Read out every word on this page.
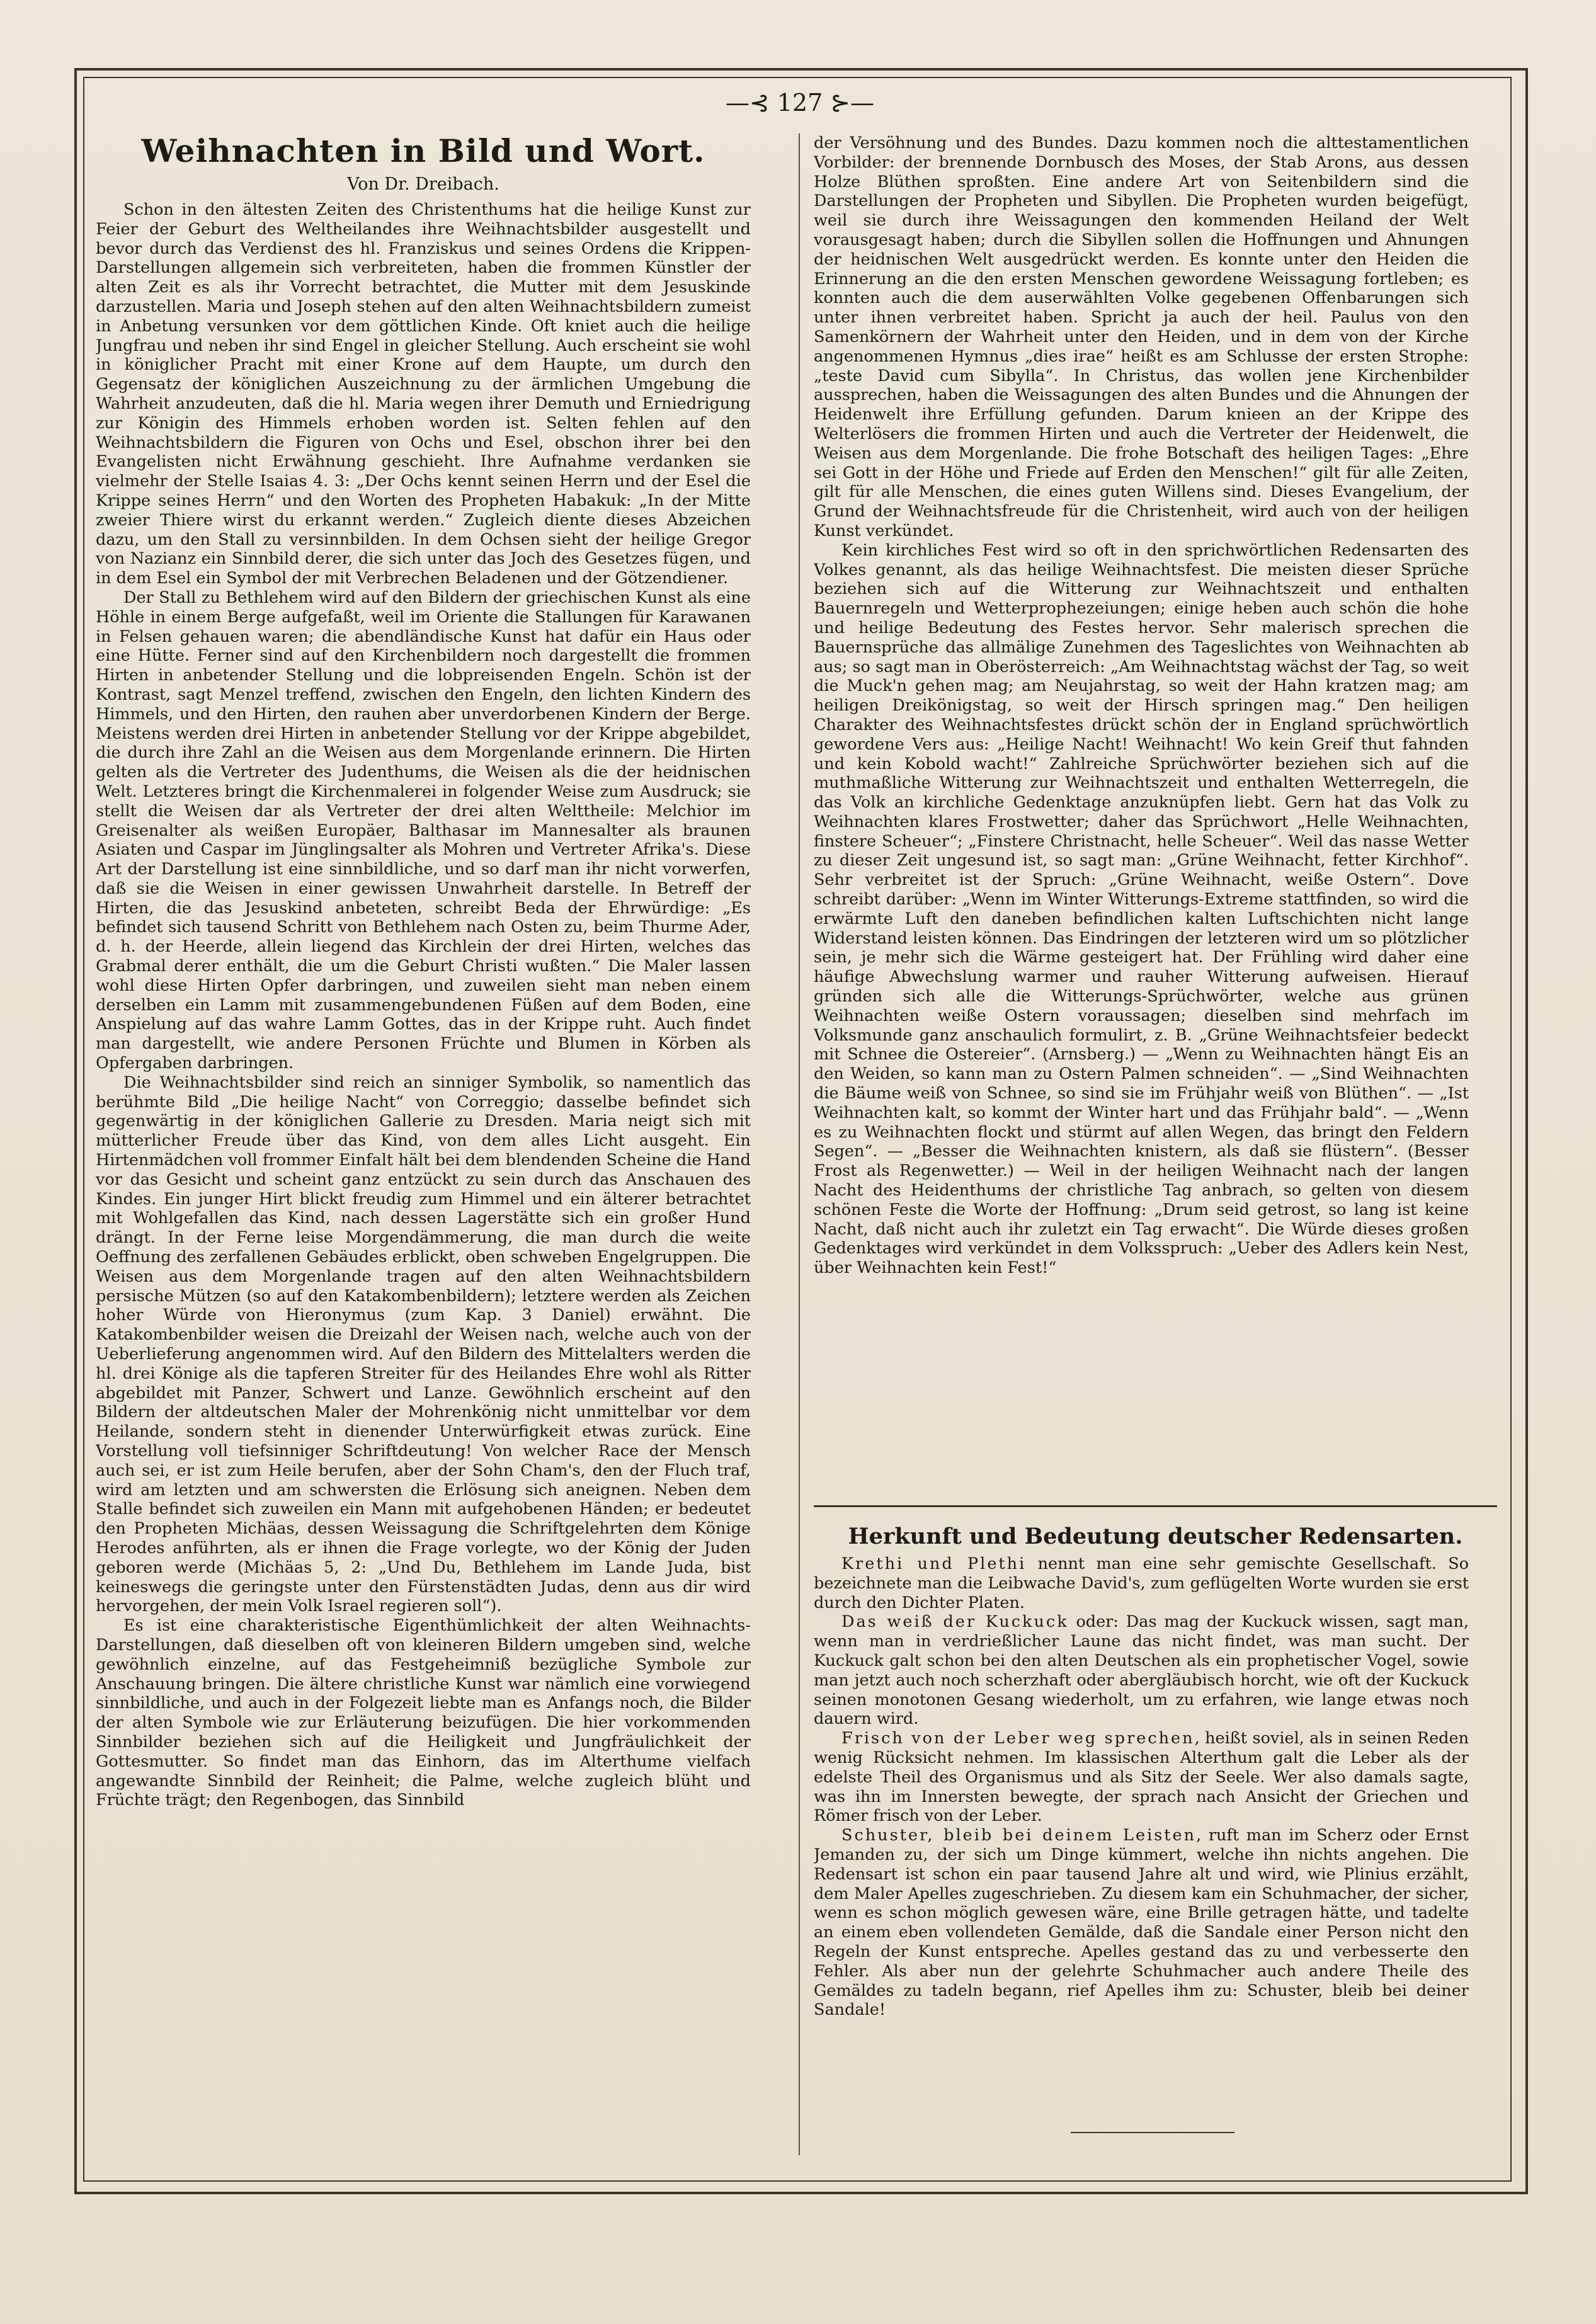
—⊰ 127 ⊱—
Weihnachten in Bild und Wort.
Von Dr. Dreibach.

Schon in den ältesten Zeiten des Christenthums hat die heilige Kunst zur Feier der Geburt des Weltheilandes ihre Weihnachtsbilder ausgestellt und bevor durch das Verdienst des hl. Franziskus und seines Ordens die Krippen-Darstellungen allgemein sich verbreiteten, haben die frommen Künstler der alten Zeit es als ihr Vorrecht betrachtet, die Mutter mit dem Jesuskinde darzustellen. Maria und Joseph stehen auf den alten Weihnachtsbildern zumeist in Anbetung versunken vor dem göttlichen Kinde. Oft kniet auch die heilige Jungfrau und neben ihr sind Engel in gleicher Stellung. Auch erscheint sie wohl in königlicher Pracht mit einer Krone auf dem Haupte, um durch den Gegensatz der königlichen Auszeichnung zu der ärmlichen Umgebung die Wahrheit anzudeuten, daß die hl. Maria wegen ihrer Demuth und Erniedrigung zur Königin des Himmels erhoben worden ist. Selten fehlen auf den Weihnachtsbildern die Figuren von Ochs und Esel, obschon ihrer bei den Evangelisten nicht Erwähnung geschieht. Ihre Aufnahme verdanken sie vielmehr der Stelle Isaias 4. 3: „Der Ochs kennt seinen Herrn und der Esel die Krippe seines Herrn“ und den Worten des Propheten Habakuk: „In der Mitte zweier Thiere wirst du erkannt werden.“ Zugleich diente dieses Abzeichen dazu, um den Stall zu versinnbilden. In dem Ochsen sieht der heilige Gregor von Nazianz ein Sinnbild derer, die sich unter das Joch des Gesetzes fügen, und in dem Esel ein Symbol der mit Verbrechen Beladenen und der Götzendiener.

Der Stall zu Bethlehem wird auf den Bildern der griechischen Kunst als eine Höhle in einem Berge aufgefaßt, weil im Oriente die Stallungen für Karawanen in Felsen gehauen waren; die abendländische Kunst hat dafür ein Haus oder eine Hütte. Ferner sind auf den Kirchenbildern noch dargestellt die frommen Hirten in anbetender Stellung und die lobpreisenden Engeln. Schön ist der Kontrast, sagt Menzel treffend, zwischen den Engeln, den lichten Kindern des Himmels, und den Hirten, den rauhen aber unverdorbenen Kindern der Berge. Meistens werden drei Hirten in anbetender Stellung vor der Krippe abgebildet, die durch ihre Zahl an die Weisen aus dem Morgenlande erinnern. Die Hirten gelten als die Vertreter des Judenthums, die Weisen als die der heidnischen Welt. Letzteres bringt die Kirchenmalerei in folgender Weise zum Ausdruck; sie stellt die Weisen dar als Vertreter der drei alten Welttheile: Melchior im Greisenalter als weißen Europäer, Balthasar im Mannesalter als braunen Asiaten und Caspar im Jünglingsalter als Mohren und Vertreter Afrika's. Diese Art der Darstellung ist eine sinnbildliche, und so darf man ihr nicht vorwerfen, daß sie die Weisen in einer gewissen Unwahrheit darstelle. In Betreff der Hirten, die das Jesuskind anbeteten, schreibt Beda der Ehrwürdige: „Es befindet sich tausend Schritt von Bethlehem nach Osten zu, beim Thurme Ader, d. h. der Heerde, allein liegend das Kirchlein der drei Hirten, welches das Grabmal derer enthält, die um die Geburt Christi wußten.“ Die Maler lassen wohl diese Hirten Opfer darbringen, und zuweilen sieht man neben einem derselben ein Lamm mit zusammengebundenen Füßen auf dem Boden, eine Anspielung auf das wahre Lamm Gottes, das in der Krippe ruht. Auch findet man dargestellt, wie andere Personen Früchte und Blumen in Körben als Opfergaben darbringen.

Die Weihnachtsbilder sind reich an sinniger Symbolik, so namentlich das berühmte Bild „Die heilige Nacht“ von Correggio; dasselbe befindet sich gegenwärtig in der königlichen Gallerie zu Dresden. Maria neigt sich mit mütterlicher Freude über das Kind, von dem alles Licht ausgeht. Ein Hirtenmädchen voll frommer Einfalt hält bei dem blendenden Scheine die Hand vor das Gesicht und scheint ganz entzückt zu sein durch das Anschauen des Kindes. Ein junger Hirt blickt freudig zum Himmel und ein älterer betrachtet mit Wohlgefallen das Kind, nach dessen Lagerstätte sich ein großer Hund drängt. In der Ferne leise Morgendämmerung, die man durch die weite Oeffnung des zerfallenen Gebäudes erblickt, oben schweben Engelgruppen. Die Weisen aus dem Morgenlande tragen auf den alten Weihnachtsbildern persische Mützen (so auf den Katakombenbildern); letztere werden als Zeichen hoher Würde von Hieronymus (zum Kap. 3 Daniel) erwähnt. Die Katakombenbilder weisen die Dreizahl der Weisen nach, welche auch von der Ueberlieferung angenommen wird. Auf den Bildern des Mittelalters werden die hl. drei Könige als die tapferen Streiter für des Heilandes Ehre wohl als Ritter abgebildet mit Panzer, Schwert und Lanze. Gewöhnlich erscheint auf den Bildern der altdeutschen Maler der Mohrenkönig nicht unmittelbar vor dem Heilande, sondern steht in dienender Unterwürfigkeit etwas zurück. Eine Vorstellung voll tiefsinniger Schriftdeutung! Von welcher Race der Mensch auch sei, er ist zum Heile berufen, aber der Sohn Cham's, den der Fluch traf, wird am letzten und am schwersten die Erlösung sich aneignen. Neben dem Stalle befindet sich zuweilen ein Mann mit aufgehobenen Händen; er bedeutet den Propheten Michäas, dessen Weissagung die Schriftgelehrten dem Könige Herodes anführten, als er ihnen die Frage vorlegte, wo der König der Juden geboren werde (Michäas 5, 2: „Und Du, Bethlehem im Lande Juda, bist keineswegs die geringste unter den Fürstenstädten Judas, denn aus dir wird hervorgehen, der mein Volk Israel regieren soll“).

Es ist eine charakteristische Eigenthümlichkeit der alten Weihnachts-Darstellungen, daß dieselben oft von kleineren Bildern umgeben sind, welche gewöhnlich einzelne, auf das Festgeheimniß bezügliche Symbole zur Anschauung bringen. Die ältere christliche Kunst war nämlich eine vorwiegend sinnbildliche, und auch in der Folgezeit liebte man es Anfangs noch, die Bilder der alten Symbole wie zur Erläuterung beizufügen. Die hier vorkommenden Sinnbilder beziehen sich auf die Heiligkeit und Jungfräulichkeit der Gottesmutter. So findet man das Einhorn, das im Alterthume vielfach angewandte Sinnbild der Reinheit; die Palme, welche zugleich blüht und Früchte trägt; den Regenbogen, das Sinnbild

der Versöhnung und des Bundes. Dazu kommen noch die alttestamentlichen Vorbilder: der brennende Dornbusch des Moses, der Stab Arons, aus dessen Holze Blüthen sproßten. Eine andere Art von Seitenbildern sind die Darstellungen der Propheten und Sibyllen. Die Propheten wurden beigefügt, weil sie durch ihre Weissagungen den kommenden Heiland der Welt vorausgesagt haben; durch die Sibyllen sollen die Hoffnungen und Ahnungen der heidnischen Welt ausgedrückt werden. Es konnte unter den Heiden die Erinnerung an die den ersten Menschen gewordene Weissagung fortleben; es konnten auch die dem auserwählten Volke gegebenen Offenbarungen sich unter ihnen verbreitet haben. Spricht ja auch der heil. Paulus von den Samenkörnern der Wahrheit unter den Heiden, und in dem von der Kirche angenommenen Hymnus „dies irae“ heißt es am Schlusse der ersten Strophe: „teste David cum Sibylla“. In Christus, das wollen jene Kirchenbilder aussprechen, haben die Weissagungen des alten Bundes und die Ahnungen der Heidenwelt ihre Erfüllung gefunden. Darum knieen an der Krippe des Welterlösers die frommen Hirten und auch die Vertreter der Heidenwelt, die Weisen aus dem Morgenlande. Die frohe Botschaft des heiligen Tages: „Ehre sei Gott in der Höhe und Friede auf Erden den Menschen!“ gilt für alle Zeiten, gilt für alle Menschen, die eines guten Willens sind. Dieses Evangelium, der Grund der Weihnachtsfreude für die Christenheit, wird auch von der heiligen Kunst verkündet.

Kein kirchliches Fest wird so oft in den sprichwörtlichen Redensarten des Volkes genannt, als das heilige Weihnachtsfest. Die meisten dieser Sprüche beziehen sich auf die Witterung zur Weihnachtszeit und enthalten Bauernregeln und Wetterprophezeiungen; einige heben auch schön die hohe und heilige Bedeutung des Festes hervor. Sehr malerisch sprechen die Bauernsprüche das allmälige Zunehmen des Tageslichtes von Weihnachten ab aus; so sagt man in Oberösterreich: „Am Weihnachtstag wächst der Tag, so weit die Muck'n gehen mag; am Neujahrstag, so weit der Hahn kratzen mag; am heiligen Dreikönigstag, so weit der Hirsch springen mag.“ Den heiligen Charakter des Weihnachtsfestes drückt schön der in England sprüchwörtlich gewordene Vers aus: „Heilige Nacht! Weihnacht! Wo kein Greif thut fahnden und kein Kobold wacht!“ Zahlreiche Sprüchwörter beziehen sich auf die muthmaßliche Witterung zur Weihnachtszeit und enthalten Wetterregeln, die das Volk an kirchliche Gedenktage anzuknüpfen liebt. Gern hat das Volk zu Weihnachten klares Frostwetter; daher das Sprüchwort „Helle Weihnachten, finstere Scheuer“; „Finstere Christnacht, helle Scheuer“. Weil das nasse Wetter zu dieser Zeit ungesund ist, so sagt man: „Grüne Weihnacht, fetter Kirchhof“. Sehr verbreitet ist der Spruch: „Grüne Weihnacht, weiße Ostern“. Dove schreibt darüber: „Wenn im Winter Witterungs-Extreme stattfinden, so wird die erwärmte Luft den daneben befindlichen kalten Luftschichten nicht lange Widerstand leisten können. Das Eindringen der letzteren wird um so plötzlicher sein, je mehr sich die Wärme gesteigert hat. Der Frühling wird daher eine häufige Abwechslung warmer und rauher Witterung aufweisen. Hierauf gründen sich alle die Witterungs-Sprüchwörter, welche aus grünen Weihnachten weiße Ostern voraussagen; dieselben sind mehrfach im Volksmunde ganz anschaulich formulirt, z. B. „Grüne Weihnachtsfeier bedeckt mit Schnee die Ostereier“. (Arnsberg.) — „Wenn zu Weihnachten hängt Eis an den Weiden, so kann man zu Ostern Palmen schneiden“. — „Sind Weihnachten die Bäume weiß von Schnee, so sind sie im Frühjahr weiß von Blüthen“. — „Ist Weihnachten kalt, so kommt der Winter hart und das Frühjahr bald“. — „Wenn es zu Weihnachten flockt und stürmt auf allen Wegen, das bringt den Feldern Segen“. — „Besser die Weihnachten knistern, als daß sie flüstern“. (Besser Frost als Regenwetter.) — Weil in der heiligen Weihnacht nach der langen Nacht des Heidenthums der christliche Tag anbrach, so gelten von diesem schönen Feste die Worte der Hoffnung: „Drum seid getrost, so lang ist keine Nacht, daß nicht auch ihr zuletzt ein Tag erwacht“. Die Würde dieses großen Gedenktages wird verkündet in dem Volksspruch: „Ueber des Adlers kein Nest, über Weihnachten kein Fest!“

Herkunft und Bedeutung deutscher Redensarten.

Krethi und Plethi nennt man eine sehr gemischte Gesellschaft. So bezeichnete man die Leibwache David's, zum geflügelten Worte wurden sie erst durch den Dichter Platen.

Das weiß der Kuckuck oder: Das mag der Kuckuck wissen, sagt man, wenn man in verdrießlicher Laune das nicht findet, was man sucht. Der Kuckuck galt schon bei den alten Deutschen als ein prophetischer Vogel, sowie man jetzt auch noch scherzhaft oder abergläubisch horcht, wie oft der Kuckuck seinen monotonen Gesang wiederholt, um zu erfahren, wie lange etwas noch dauern wird.

Frisch von der Leber weg sprechen, heißt soviel, als in seinen Reden wenig Rücksicht nehmen. Im klassischen Alterthum galt die Leber als der edelste Theil des Organismus und als Sitz der Seele. Wer also damals sagte, was ihn im Innersten bewegte, der sprach nach Ansicht der Griechen und Römer frisch von der Leber.

Schuster, bleib bei deinem Leisten, ruft man im Scherz oder Ernst Jemanden zu, der sich um Dinge kümmert, welche ihn nichts angehen. Die Redensart ist schon ein paar tausend Jahre alt und wird, wie Plinius erzählt, dem Maler Apelles zugeschrieben. Zu diesem kam ein Schuhmacher, der sicher, wenn es schon möglich gewesen wäre, eine Brille getragen hätte, und tadelte an einem eben vollendeten Gemälde, daß die Sandale einer Person nicht den Regeln der Kunst entspreche. Apelles gestand das zu und verbesserte den Fehler. Als aber nun der gelehrte Schuhmacher auch andere Theile des Gemäldes zu tadeln begann, rief Apelles ihm zu: Schuster, bleib bei deiner Sandale!
